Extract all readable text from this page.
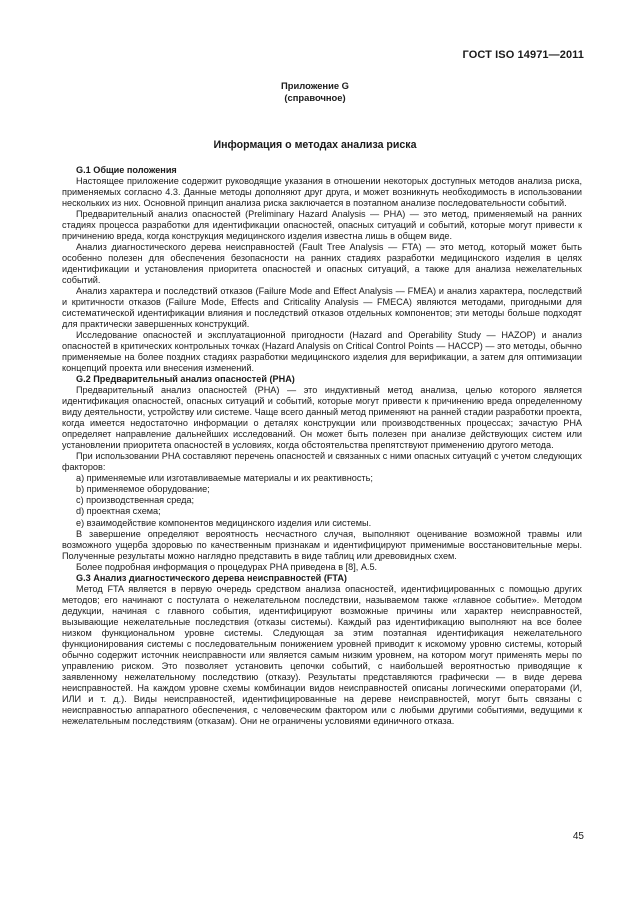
ГОСТ ISO 14971—2011
Приложение G
(справочное)
Информация о методах анализа риска
G.1 Общие положения

Настоящее приложение содержит руководящие указания в отношении некоторых доступных методов анализа риска, применяемых согласно 4.3. Данные методы дополняют друг друга, и может возникнуть необходимость в использовании нескольких из них. Основной принцип анализа риска заключается в поэтапном анализе последовательности событий.

Предварительный анализ опасностей (Preliminary Hazard Analysis — PHA) — это метод, применяемый на ранних стадиях процесса разработки для идентификации опасностей, опасных ситуаций и событий, которые могут привести к причинению вреда, когда конструкция медицинского изделия известна лишь в общем виде.

Анализ диагностического дерева неисправностей (Fault Tree Analysis — FTA) — это метод, который может быть особенно полезен для обеспечения безопасности на ранних стадиях разработки медицинского изделия в целях идентификации и установления приоритета опасностей и опасных ситуаций, а также для анализа нежелательных событий.

Анализ характера и последствий отказов (Failure Mode and Effect Analysis — FMEA) и анализ характера, последствий и критичности отказов (Failure Mode, Effects and Criticality Analysis — FMECA) являются методами, пригодными для систематической идентификации влияния и последствий отказов отдельных компонентов; эти методы больше подходят для практически завершенных конструкций.

Исследование опасностей и эксплуатационной пригодности (Hazard and Operability Study — HAZOP) и анализ опасностей в критических контрольных точках (Hazard Analysis on Critical Control Points — HACCP) — это методы, обычно применяемые на более поздних стадиях разработки медицинского изделия для верификации, а затем для оптимизации концепций проекта или внесения изменений.

G.2 Предварительный анализ опасностей (PHA)

Предварительный анализ опасностей (PHA) — это индуктивный метод анализа, целью которого является идентификация опасностей, опасных ситуаций и событий, которые могут привести к причинению вреда определенному виду деятельности, устройству или системе. Чаще всего данный метод применяют на ранней стадии разработки проекта, когда имеется недостаточно информации о деталях конструкции или производственных процессах; зачастую PHA определяет направление дальнейших исследований. Он может быть полезен при анализе действующих систем или установлении приоритета опасностей в условиях, когда обстоятельства препятствуют применению другого метода.

При использовании PHA составляют перечень опасностей и связанных с ними опасных ситуаций с учетом следующих факторов:

а) применяемые или изготавливаемые материалы и их реактивность;
b) применяемое оборудование;
c) производственная среда;
d) проектная схема;
e) взаимодействие компонентов медицинского изделия или системы.

В завершение определяют вероятность несчастного случая, выполняют оценивание возможной травмы или возможного ущерба здоровью по качественным признакам и идентифицируют применимые восстановительные меры. Полученные результаты можно наглядно представить в виде таблиц или древовидных схем.

Более подробная информация о процедурах PHA приведена в [8], А.5.

G.3 Анализ диагностического дерева неисправностей (FTA)

Метод FTA является в первую очередь средством анализа опасностей, идентифицированных с помощью других методов; его начинают с постулата о нежелательном последствии, называемом также «главное событие». Методом дедукции, начиная с главного события, идентифицируют возможные причины или характер неисправностей, вызывающие нежелательные последствия (отказы системы). Каждый раз идентификацию выполняют на все более низком функциональном уровне системы. Следующая за этим поэтапная идентификация нежелательного функционирования системы с последовательным понижением уровней приводит к искомому уровню системы, который обычно содержит источник неисправности или является самым низким уровнем, на котором могут применять меры по управлению риском. Это позволяет установить цепочки событий, с наибольшей вероятностью приводящие к заявленному нежелательному последствию (отказу). Результаты представляются графически — в виде дерева неисправностей. На каждом уровне схемы комбинации видов неисправностей описаны логическими операторами (И, ИЛИ и т. д.). Виды неисправностей, идентифицированные на дереве неисправностей, могут быть связаны с неисправностью аппаратного обеспечения, с человеческим фактором или с любыми другими событиями, ведущими к нежелательным последствиям (отказам). Они не ограничены условиями единичного отказа.

45
